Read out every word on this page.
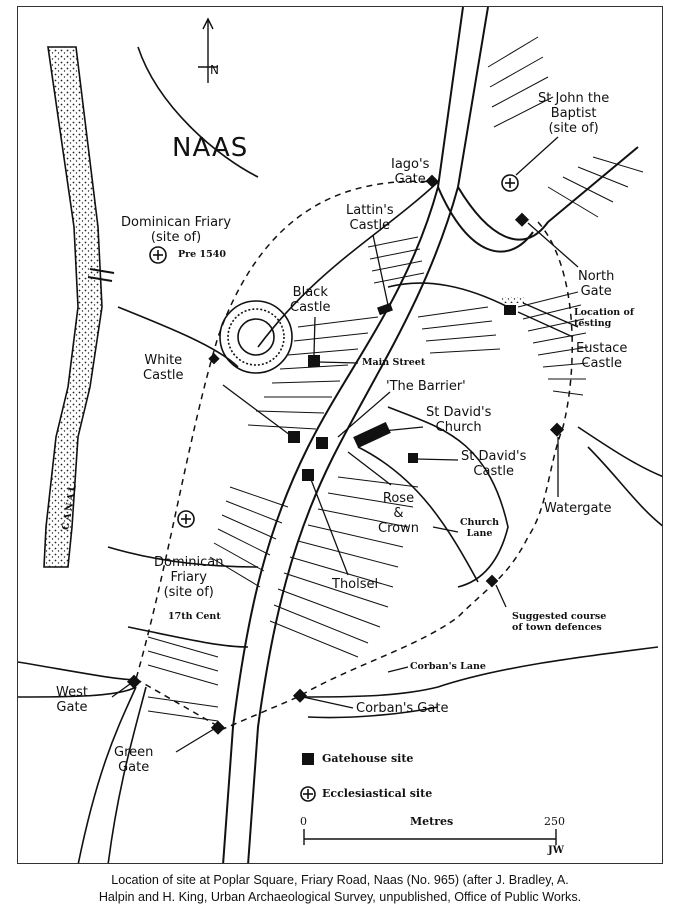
NAAS
N
St John the
Baptist
(site of)
Iago's
Gate
Lattin's
Castle
Dominican Friary
(site of)
Pre 1540
Black
Castle
North
Gate
Location of
testing
Eustace
Castle
Main Street
White
Castle
'The Barrier'
St David's
Church
St David's
Castle
Watergate
Rose
&
Crown	Church
Lane
Dominican
Friary
(site of)
17th Cent
Tholsel
Suggested course
of town defences
Corban's Lane
West
Gate	Corban's Gate
Green
Gate
CANAL
Gatehouse site
Ecclesiastical site
Metres
0	250
JW
Location of site at Poplar Square, Friary Road, Naas (No. 965) (after J. Bradley, A.
Halpin and H. King, Urban Archaeological Survey, unpublished, Office of Public Works.
